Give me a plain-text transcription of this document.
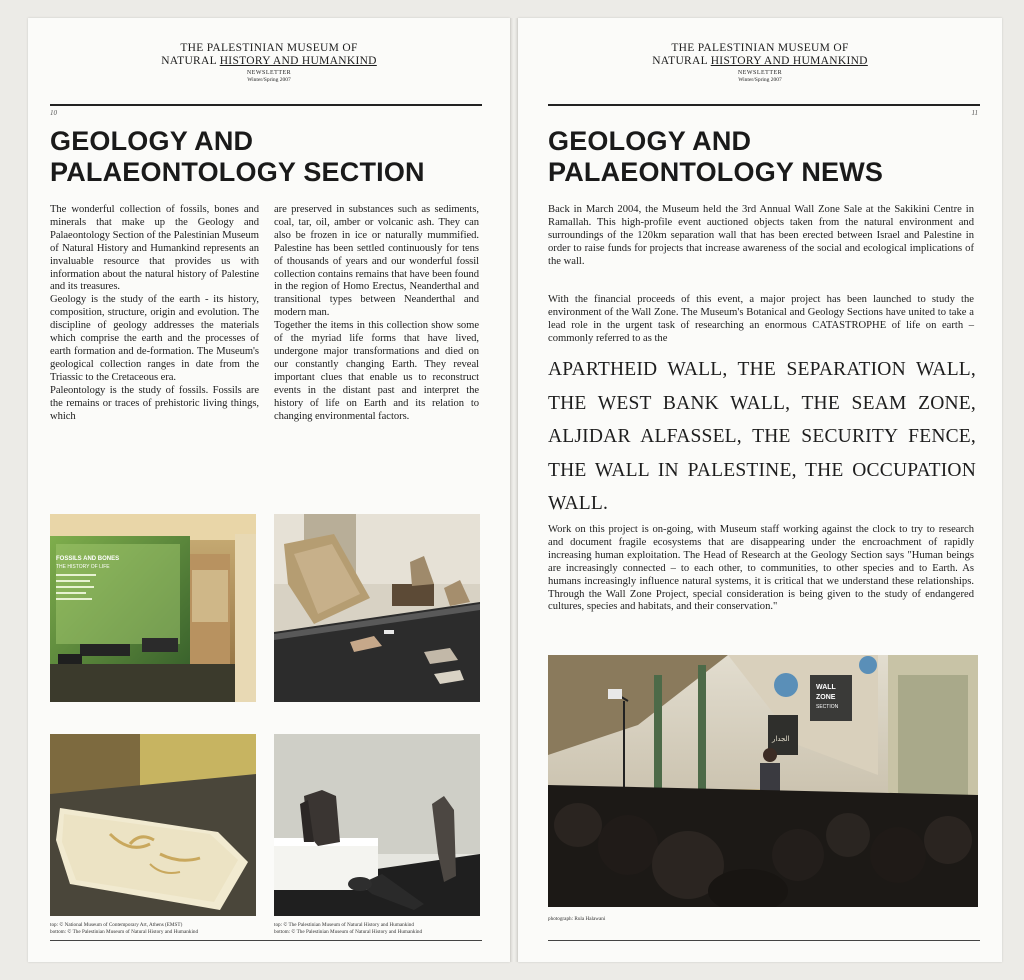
THE PALESTINIAN MUSEUM OF
NATURAL HISTORY AND HUMANKIND
NEWSLETTER
Winter/Spring 2007
10
GEOLOGY AND
PALAEONTOLOGY SECTION

The wonderful collection of fossils, bones and minerals that make up the Geology and Palaeontology Section of the Palestinian Museum of Natural History and Humankind represents an invaluable resource that provides us with information about the natural history of Palestine and its treasures.

Geology is the study of the earth - its history, composition, structure, origin and evolution. The discipline of geology addresses the materials which comprise the earth and the processes of earth formation and de-formation. The Museum's geological collection ranges in date from the Triassic to the Cretaceous era.

Paleontology is the study of fossils. Fossils are the remains or traces of prehistoric living things, which

are preserved in substances such as sediments, coal, tar, oil, amber or volcanic ash. They can also be frozen in ice or naturally mummified. Palestine has been settled continuously for tens of thousands of years and our wonderful fossil collection contains remains that have been found in the region of Homo Erectus, Neanderthal and transitional types between Neanderthal and modern man.

Together the items in this collection show some of the myriad life forms that have lived, undergone major transformations and died on our constantly changing Earth. They reveal important clues that enable us to reconstruct events in the distant past and interpret the history of life on Earth and its relation to changing environmental factors.

FOSSILS AND BONES
THE HISTORY OF LIFE
top: © National Museum of Contemporary Art, Athens (EMST)
bottom: © The Palestinian Museum of Natural History and Humankind
top: © The Palestinian Museum of Natural History and Humankind
bottom: © The Palestinian Museum of Natural History and Humankind
THE PALESTINIAN MUSEUM OF
NATURAL HISTORY AND HUMANKIND
NEWSLETTER
Winter/Spring 2007
11
GEOLOGY AND
PALAEONTOLOGY NEWS

Back in March 2004, the Museum held the 3rd Annual Wall Zone Sale at the Sakikini Centre in Ramallah. This high-profile event auctioned objects taken from the natural environment and surroundings of the 120km separation wall that has been erected between Israel and Palestine in order to raise funds for projects that increase awareness of the social and ecological implications of the wall.

With the financial proceeds of this event, a major project has been launched to study the environment of the Wall Zone. The Museum's Botanical and Geology Sections have united to take a lead role in the urgent task of researching an enormous CATASTROPHE of life on earth –commonly referred to as the

APARTHEID WALL, THE SEPARATION WALL, THE WEST BANK WALL, THE SEAM ZONE, ALJIDAR ALFASSEL, THE SECURITY FENCE, THE WALL IN PALESTINE, THE OCCUPATION WALL.

Work on this project is on-going, with Museum staff working against the clock to try to research and document fragile ecosystems that are disappearing under the encroachment of rapidly increasing human exploitation. The Head of Research at the Geology Section says "Human beings are increasingly connected – to each other, to communities, to other species and to Earth. As humans increasingly influence natural systems, it is critical that we understand these relationships. Through the Wall Zone Project, special consideration is being given to the study of endangered cultures, species and habitats, and their conservation."

WALL
ZONE
SECTION
الجدار
photograph: Rula Halawani
